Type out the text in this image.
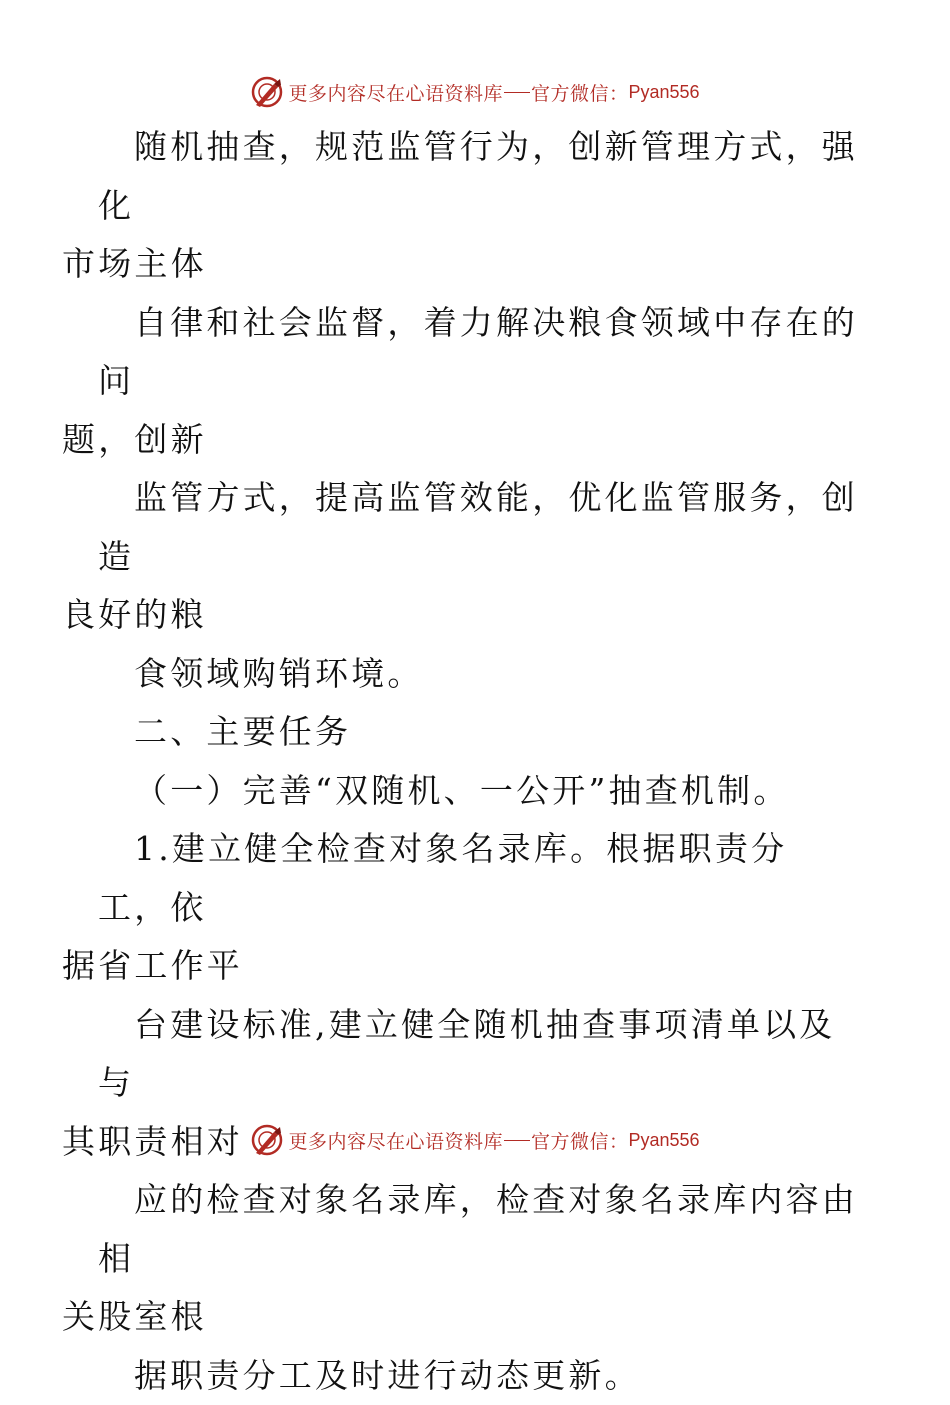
更多内容尽在心语资料库 官方微信： Pyan556

随机抽查，规范监管行为，创新管理方式，强化
市场主体

自律和社会监督，着力解决粮食领域中存在的问
题，创新

监管方式，提高监管效能，优化监管服务，创造
良好的粮

食领域购销环境。

二、主要任务

（一）完善“双随机、一公开”抽查机制。

1.建立健全检查对象名录库。根据职责分工，依
据省工作平

台建设标准,建立健全随机抽查事项清单以及与
其职责相对

应的检查对象名录库，检查对象名录库内容由相
关股室根

据职责分工及时进行动态更新。

更多内容尽在心语资料库 官方微信： Pyan556
